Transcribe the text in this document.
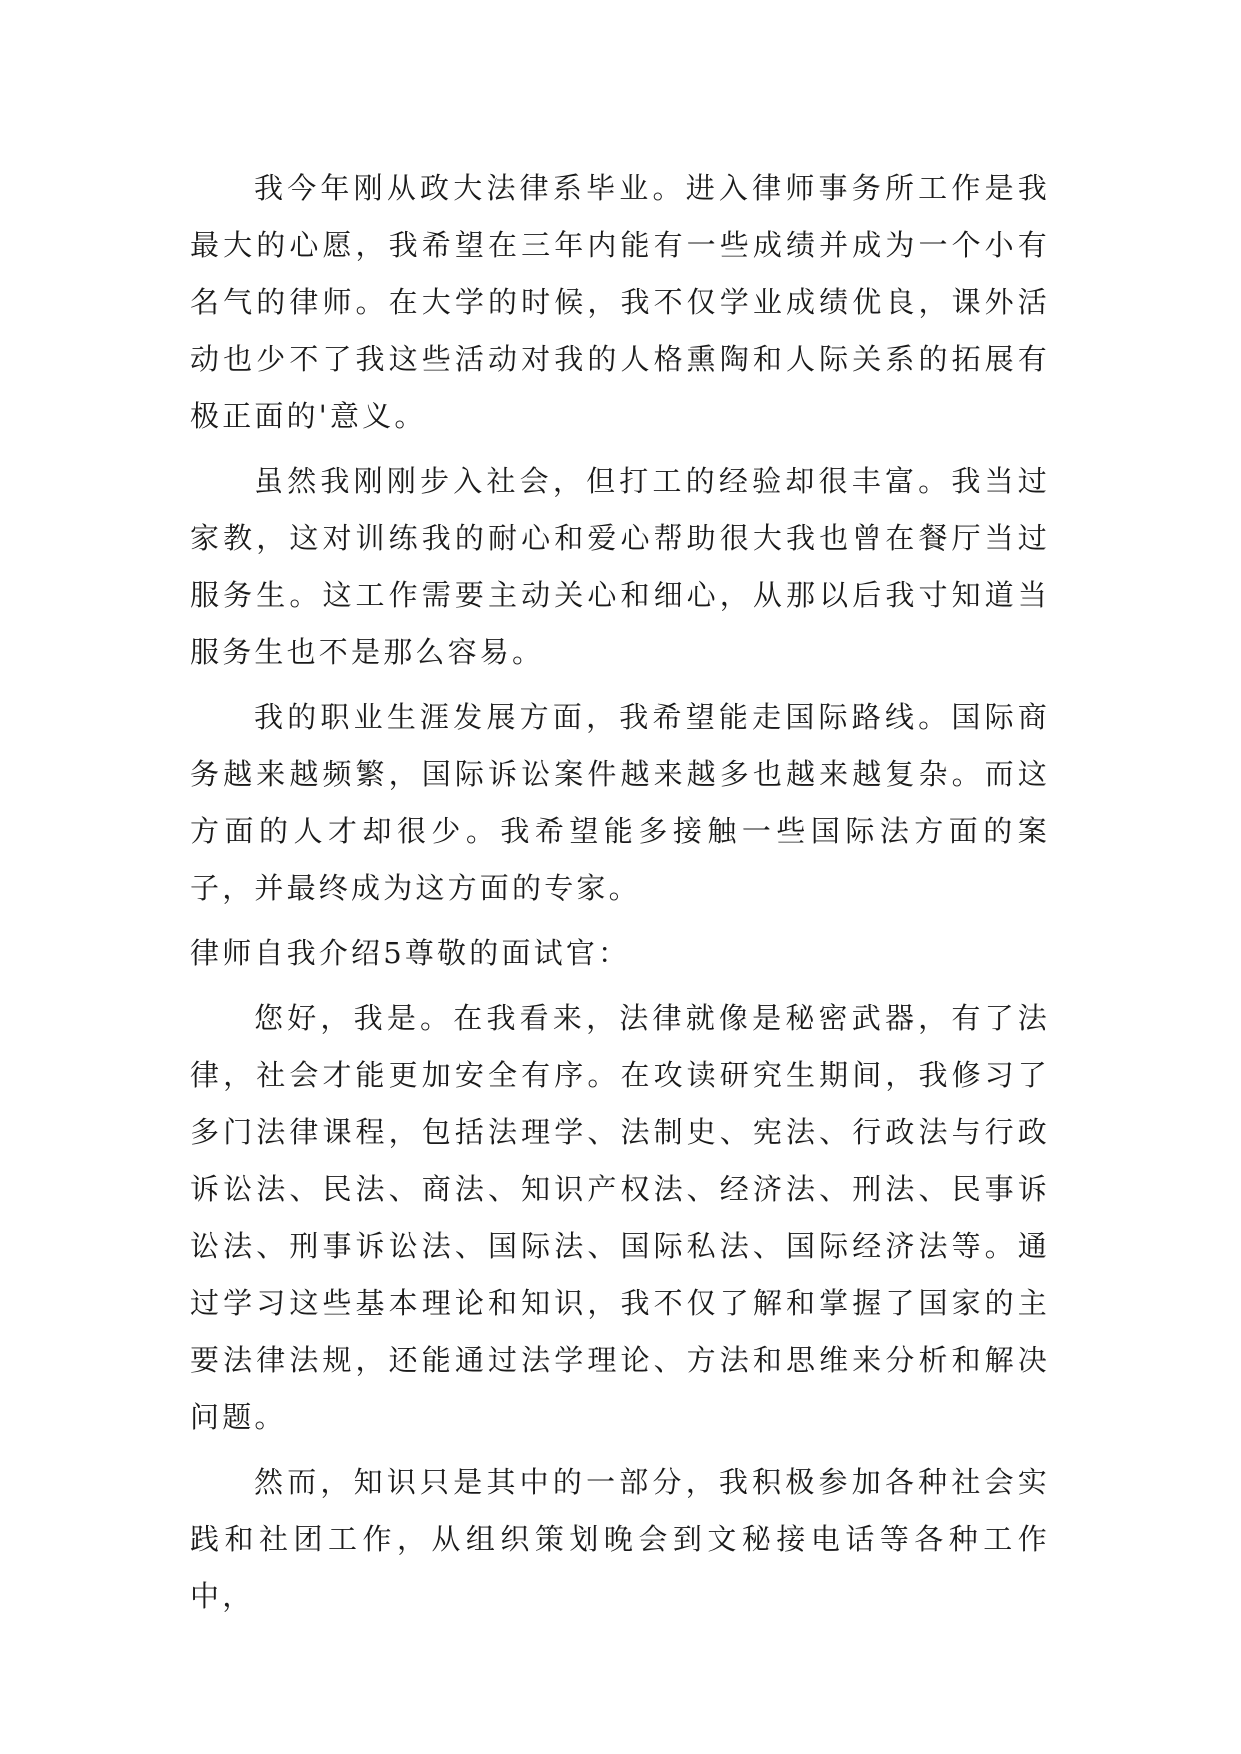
我今年刚从政大法律系毕业。进入律师事务所工作是我最大的心愿，我希望在三年内能有一些成绩并成为一个小有名气的律师。在大学的时候，我不仅学业成绩优良，课外活动也少不了我这些活动对我的人格熏陶和人际关系的拓展有极正面的'意义。

虽然我刚刚步入社会，但打工的经验却很丰富。我当过家教，这对训练我的耐心和爱心帮助很大我也曾在餐厅当过服务生。这工作需要主动关心和细心，从那以后我寸知道当服务生也不是那么容易。

我的职业生涯发展方面，我希望能走国际路线。国际商务越来越频繁，国际诉讼案件越来越多也越来越复杂。而这方面的人才却很少。我希望能多接触一些国际法方面的案子，并最终成为这方面的专家。

律师自我介绍5尊敬的面试官：

您好，我是。在我看来，法律就像是秘密武器，有了法律，社会才能更加安全有序。在攻读研究生期间，我修习了多门法律课程，包括法理学、法制史、宪法、行政法与行政诉讼法、民法、商法、知识产权法、经济法、刑法、民事诉讼法、刑事诉讼法、国际法、国际私法、国际经济法等。通过学习这些基本理论和知识，我不仅了解和掌握了国家的主要法律法规，还能通过法学理论、方法和思维来分析和解决问题。

然而，知识只是其中的一部分，我积极参加各种社会实践和社团工作，从组织策划晚会到文秘接电话等各种工作中，
